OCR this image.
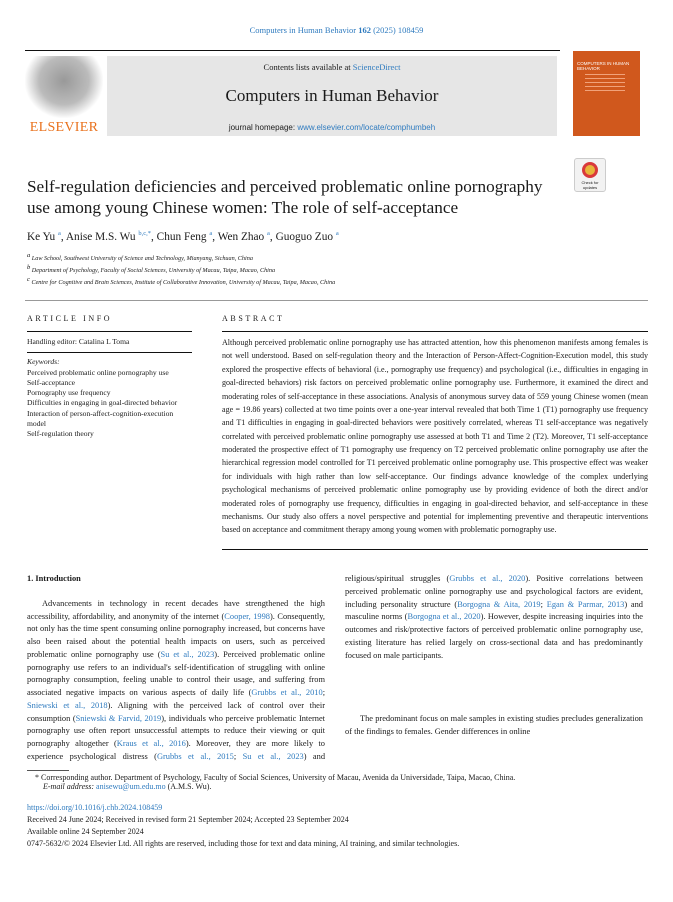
Computers in Human Behavior 162 (2025) 108459
ELSEVIER
Contents lists available at ScienceDirect
Computers in Human Behavior
journal homepage: www.elsevier.com/locate/comphumbeh
COMPUTERS IN HUMAN BEHAVIOR
Self-regulation deficiencies and perceived problematic online pornography use among young Chinese women: The role of self-acceptance
Check for updates
Ke Yu $^a$, Anise M.S. Wu $^{b,c,*}$, Chun Feng $^a$, Wen Zhao $^a$, Guoguo Zuo $^a$
$^a$ Law School, Southwest University of Science and Technology, Mianyang, Sichuan, China
$^b$ Department of Psychology, Faculty of Social Sciences, University of Macau, Taipa, Macao, China
$^c$ Centre for Cognitive and Brain Sciences, Institute of Collaborative Innovation, University of Macau, Taipa, Macao, China
ARTICLE INFO	ABSTRACT
Handling editor: Catalina L Toma
Keywords:
Perceived problematic online pornography use
Self-acceptance
Pornography use frequency
Difficulties in engaging in goal-directed behavior
Interaction of person-affect-cognition-execution model
Self-regulation theory
Although perceived problematic online pornography use has attracted attention, how this phenomenon manifests among females is not well understood. Based on self-regulation theory and the Interaction of Person-Affect-Cognition-Execution model, this study explored the prospective effects of behavioral (i.e., pornography use frequency) and psychological (i.e., difficulties in engaging in goal-directed behaviors) risk factors on perceived problematic online pornography use. Furthermore, it examined the direct and moderating roles of self-acceptance in these associations. Analysis of anonymous survey data of 559 young Chinese women (mean age = 19.86 years) collected at two time points over a one-year interval revealed that both Time 1 (T1) pornography use frequency and T1 difficulties in engaging in goal-directed behaviors were positively correlated, whereas T1 self-acceptance was negatively correlated with perceived problematic online pornography use assessed at both T1 and Time 2 (T2). Moreover, T1 self-acceptance moderated the prospective effect of T1 pornography use frequency on T2 perceived problematic online pornography use after the hierarchical regression model controlled for T1 perceived problematic online pornography use. This prospective effect was weaker for individuals with high rather than low self-acceptance. Our findings advance knowledge of the complex underlying psychological mechanisms of perceived problematic online pornography use by providing evidence of both the direct and/or moderated roles of pornography use frequency, difficulties in engaging in goal-directed behavior, and self-acceptance in these mechanisms. Our study also offers a novel perspective and potential for implementing preventive and therapeutic interventions based on acceptance and commitment therapy among young women with problematic pornography use.

1. Introduction

Advancements in technology in recent decades have strengthened the high accessibility, affordability, and anonymity of the internet (Cooper, 1998). Consequently, not only has the time spent consuming online pornography increased, but concerns have also been raised about the potential health impacts on users, such as perceived problematic online pornography use (Su et al., 2023). Perceived problematic online pornography use refers to an individual's self-identification of struggling with online pornography consumption, feeling unable to control their usage, and suffering from associated negative impacts on various aspects of daily life (Grubbs et al., 2010; Sniewski et al., 2018). Aligning with the perceived lack of control over their consumption (Sniewski & Farvid, 2019), individuals who perceive problematic Internet pornography use often report unsuccessful attempts to reduce their viewing or quit pornography altogether (Kraus et al., 2016). Moreover, they are more likely to experience psychological distress (Grubbs et al., 2015; Su et al., 2023) and

religious/spiritual struggles (Grubbs et al., 2020). Positive correlations between perceived problematic online pornography use and psychological factors are evident, including personality structure (Borgogna & Aita, 2019; Egan & Parmar, 2013) and masculine norms (Borgogna et al., 2020). However, despite increasing inquiries into the outcomes and risk/protective factors of perceived problematic online pornography use, existing literature has relied largely on cross-sectional data and has predominantly focused on male participants.

The predominant focus on male samples in existing studies precludes generalization of the findings to females. Gender differences in online

* Corresponding author. Department of Psychology, Faculty of Social Sciences, University of Macau, Avenida da Universidade, Taipa, Macao, China.
E-mail address: anisewu@um.edu.mo (A.M.S. Wu).
https://doi.org/10.1016/j.chb.2024.108459
Received 24 June 2024; Received in revised form 21 September 2024; Accepted 23 September 2024
Available online 24 September 2024
0747-5632/© 2024 Elsevier Ltd. All rights are reserved, including those for text and data mining, AI training, and similar technologies.
